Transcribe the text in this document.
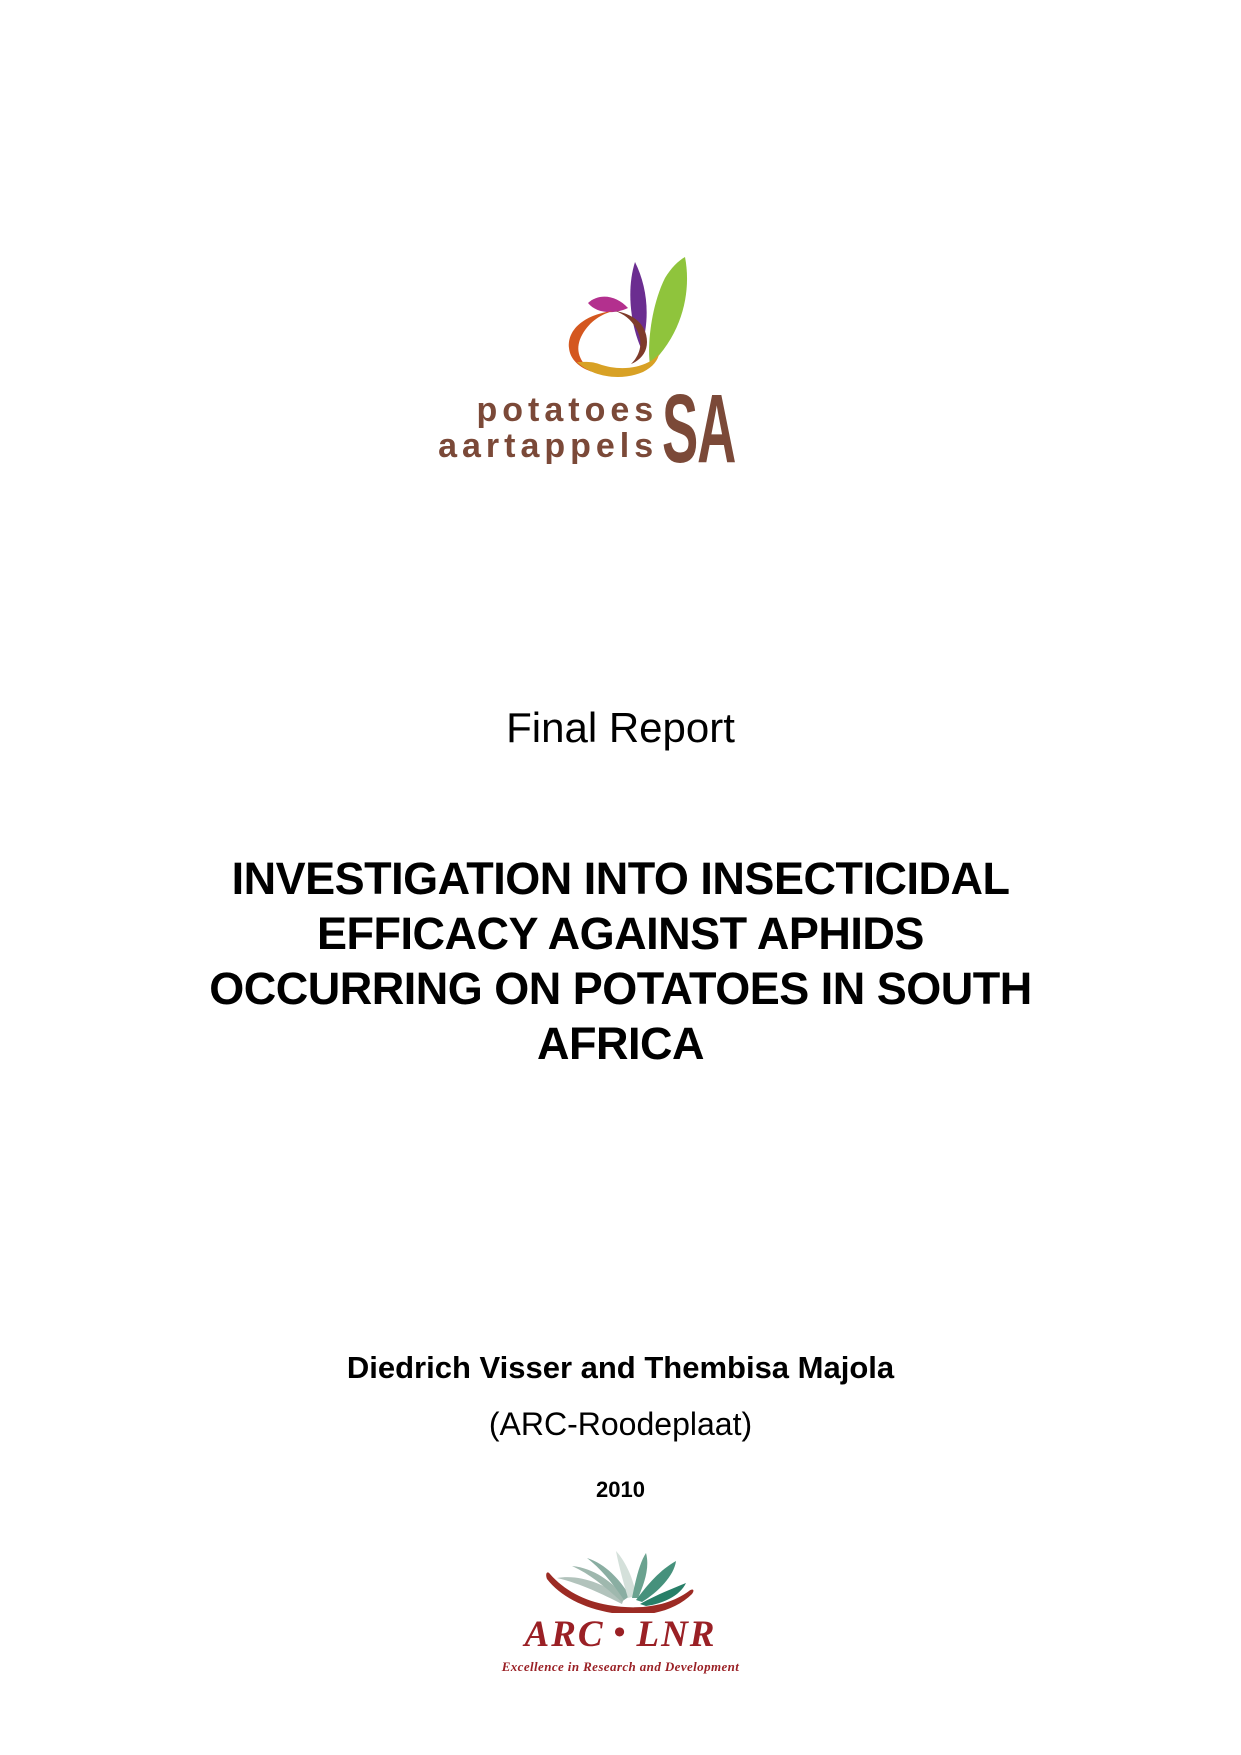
potatoes
aartappels SA
Final Report
INVESTIGATION INTO INSECTICIDAL
EFFICACY AGAINST APHIDS
OCCURRING ON POTATOES IN SOUTH
AFRICA
Diedrich Visser and Thembisa Majola
(ARC-Roodeplaat)
2010
ARC • LNR
Excellence in Research and Development
